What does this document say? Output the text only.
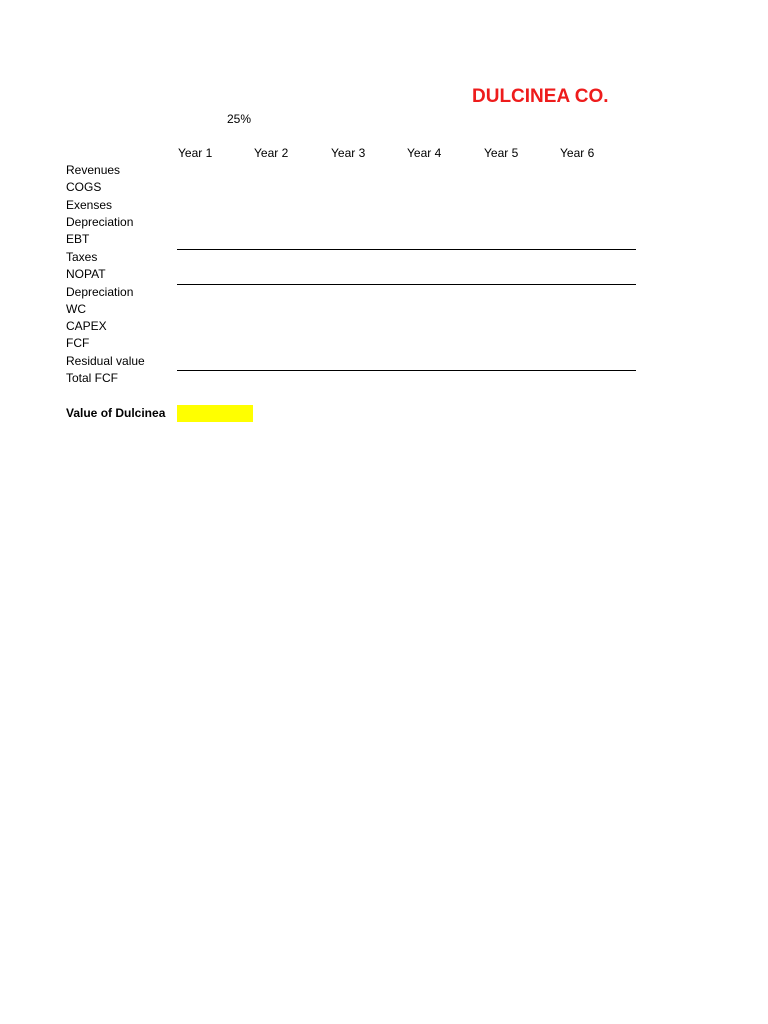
DULCINEA CO.
25%
Year 1	Year 2	Year 3	Year 4	Year 5	Year 6
Revenues
COGS
Exenses
Depreciation
EBT
Taxes
NOPAT
Depreciation
WC
CAPEX
FCF
Residual value
Total FCF
Value of Dulcinea
